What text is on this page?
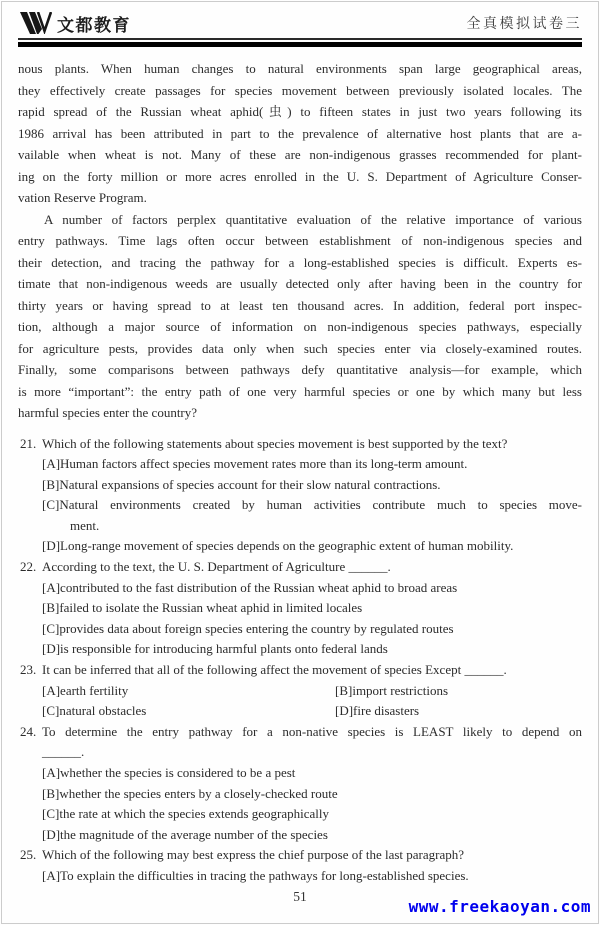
文都教育	全真模拟试卷三
nous plants. When human changes to natural environments span large geographical areas,
they effectively create passages for species movement between previously isolated locales. The
rapid spread of the Russian wheat aphid(虫) to fifteen states in just two years following its
1986 arrival has been attributed in part to the prevalence of alternative host plants that are a-
vailable when wheat is not. Many of these are non-indigenous grasses recommended for plant-
ing on the forty million or more acres enrolled in the U. S. Department of Agriculture Conser-
vation Reserve Program.
A number of factors perplex quantitative evaluation of the relative importance of various
entry pathways. Time lags often occur between establishment of non-indigenous species and
their detection, and tracing the pathway for a long-established species is difficult. Experts es-
timate that non-indigenous weeds are usually detected only after having been in the country for
thirty years or having spread to at least ten thousand acres. In addition, federal port inspec-
tion, although a major source of information on non-indigenous species pathways, especially
for agriculture pests, provides data only when such species enter via closely-examined routes.
Finally, some comparisons between pathways defy quantitative analysis—for example, which
is more “important”: the entry path of one very harmful species or one by which many but less
harmful species enter the country?
21. Which of the following statements about species movement is best supported by the text?
[A]Human factors affect species movement rates more than its long-term amount.
[B]Natural expansions of species account for their slow natural contractions.
[C]Natural environments created by human activities contribute much to species move-
ment.
[D]Long-range movement of species depends on the geographic extent of human mobility.
22. According to the text, the U. S. Department of Agriculture ______.
[A]contributed to the fast distribution of the Russian wheat aphid to broad areas
[B]failed to isolate the Russian wheat aphid in limited locales
[C]provides data about foreign species entering the country by regulated routes
[D]is responsible for introducing harmful plants onto federal lands
23. It can be inferred that all of the following affect the movement of species Except ______.
[A]earth fertility	[B]import restrictions
[C]natural obstacles	[D]fire disasters
24. To determine the entry pathway for a non-native species is LEAST likely to depend on
______.
[A]whether the species is considered to be a pest
[B]whether the species enters by a closely-checked route
[C]the rate at which the species extends geographically
[D]the magnitude of the average number of the species
25. Which of the following may best express the chief purpose of the last paragraph?
[A]To explain the difficulties in tracing the pathways for long-established species.
51
www.freekaoyan.com
